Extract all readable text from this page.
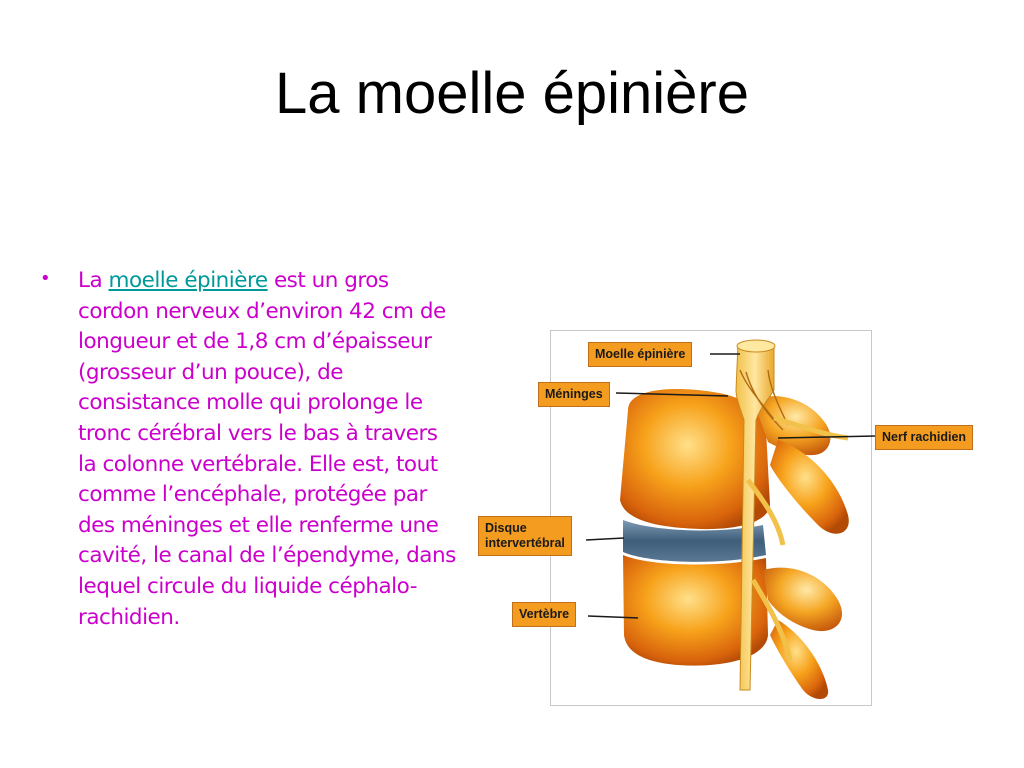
La moelle épinière
• La moelle épinière est un gros cordon nerveux d’environ 42 cm de longueur et de 1,8 cm d’épaisseur (grosseur d’un pouce), de consistance molle qui prolonge le tronc cérébral vers le bas à travers la colonne vertébrale. Elle est, tout comme l’encéphale, protégée par des méninges et elle renferme une cavité, le canal de l’épendyme, dans lequel circule du liquide céphalo-rachidien.
Moelle épinière
Méninges
Nerf rachidien
Disque
intervertébral
Vertèbre
